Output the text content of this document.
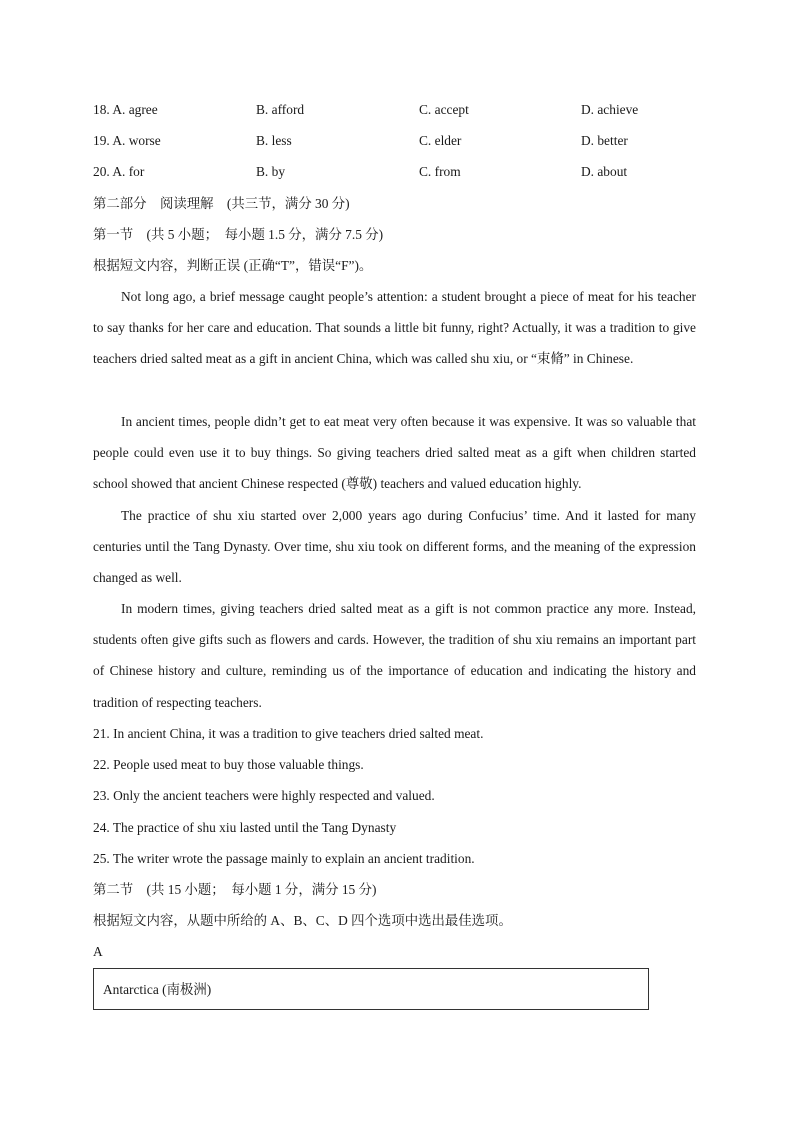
18. A. agree	B. afford	C. accept	D. achieve
19. A. worse	B. less	C. elder	D. better
20. A. for	B. by	C. from	D. about
第二部分　阅读理解　(共三节，满分 30 分)
第一节　(共 5 小题；　每小题 1.5 分，满分 7.5 分)
根据短文内容，判断正误 (正确“T”，错误“F”)。
Not long ago, a brief message caught people’s attention: a student brought a piece of meat for his teacher to say thanks for her care and education. That sounds a little bit funny, right? Actually, it was a tradition to give teachers dried salted meat as a gift in ancient China, which was called shu xiu, or “束脩” in Chinese.
In ancient times, people didn’t get to eat meat very often because it was expensive. It was so valuable that people could even use it to buy things. So giving teachers dried salted meat as a gift when children started school showed that ancient Chinese respected (尊敬) teachers and valued education highly.
The practice of shu xiu started over 2,000 years ago during Confucius’ time. And it lasted for many centuries until the Tang Dynasty. Over time, shu xiu took on different forms, and the meaning of the expression changed as well.
In modern times, giving teachers dried salted meat as a gift is not common practice any more. Instead, students often give gifts such as flowers and cards. However, the tradition of shu xiu remains an important part of Chinese history and culture, reminding us of the importance of education and indicating the history and tradition of respecting teachers.
21. In ancient China, it was a tradition to give teachers dried salted meat.
22. People used meat to buy those valuable things.
23. Only the ancient teachers were highly respected and valued.
24. The practice of shu xiu lasted until the Tang Dynasty
25. The writer wrote the passage mainly to explain an ancient tradition.
第二节　(共 15 小题；　每小题 1 分，满分 15 分)
根据短文内容，从题中所给的 A、B、C、D 四个选项中选出最佳选项。
A
Antarctica (南极洲)
